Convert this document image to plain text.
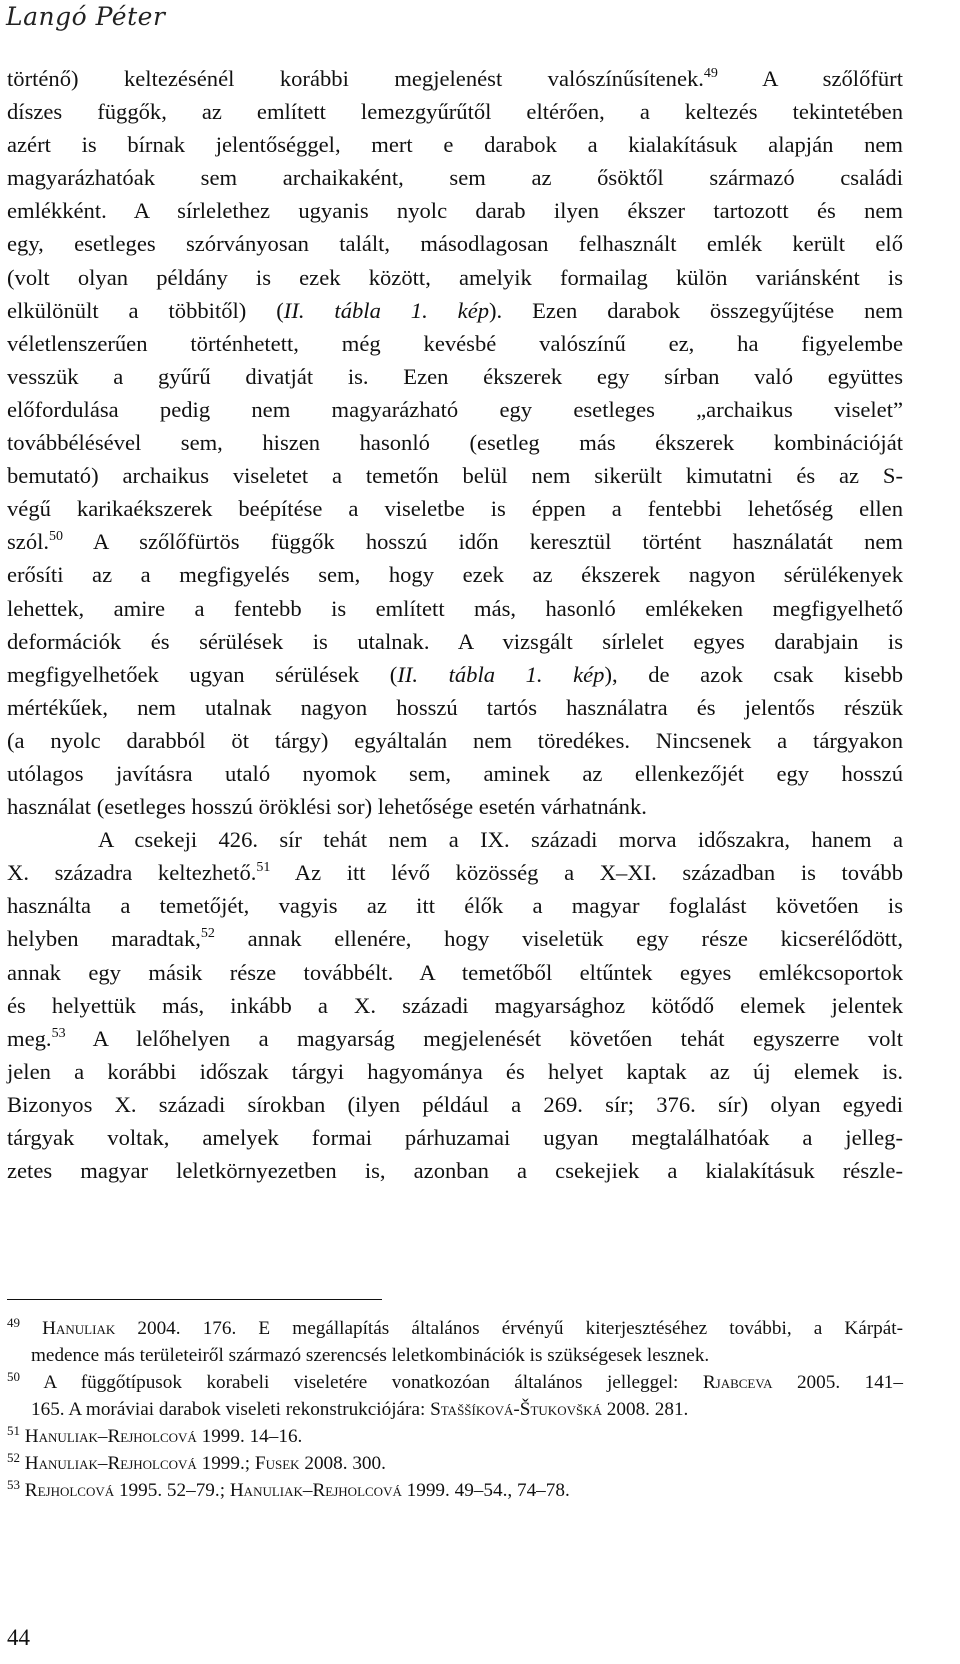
Langó Péter
történő) keltezésénél korábbi megjelenést valószínűsítenek.$^{49}$ A szőlőfürt
díszes függők, az említett lemezgyűrűtől eltérően, a keltezés tekintetében
azért is bírnak jelentőséggel, mert e darabok a kialakításuk alapján nem
magyarázhatóak sem archaikaként, sem az ősöktől származó családi
emlékként. A sírlelethez ugyanis nyolc darab ilyen ékszer tartozott és nem
egy, esetleges szórványosan talált, másodlagosan felhasznált emlék került elő
(volt olyan példány is ezek között, amelyik formailag külön variánsként is
elkülönült a többitől) (II. tábla 1. kép). Ezen darabok összegyűjtése nem
véletlenszerűen történhetett, még kevésbé valószínű ez, ha figyelembe
vesszük a gyűrű divatját is. Ezen ékszerek egy sírban való együttes
előfordulása pedig nem magyarázható egy esetleges „archaikus viselet”
továbbélésével sem, hiszen hasonló (esetleg más ékszerek kombinációját
bemutató) archaikus viseletet a temetőn belül nem sikerült kimutatni és az S-
végű karikaékszerek beépítése a viseletbe is éppen a fentebbi lehetőség ellen
szól.$^{50}$ A szőlőfürtös függők hosszú időn keresztül történt használatát nem
erősíti az a megfigyelés sem, hogy ezek az ékszerek nagyon sérülékenyek
lehettek, amire a fentebb is említett más, hasonló emlékeken megfigyelhető
deformációk és sérülések is utalnak. A vizsgált sírlelet egyes darabjain is
megfigyelhetőek ugyan sérülések (II. tábla 1. kép), de azok csak kisebb
mértékűek, nem utalnak nagyon hosszú tartós használatra és jelentős részük
(a nyolc darabból öt tárgy) egyáltalán nem töredékes. Nincsenek a tárgyakon
utólagos javításra utaló nyomok sem, aminek az ellenkezőjét egy hosszú
használat (esetleges hosszú öröklési sor) lehetősége esetén várhatnánk.
A csekeji 426. sír tehát nem a IX. századi morva időszakra, hanem a
X. századra keltezhető.$^{51}$ Az itt lévő közösség a X–XI. században is tovább
használta a temetőjét, vagyis az itt élők a magyar foglalást követően is
helyben maradtak,$^{52}$ annak ellenére, hogy viseletük egy része kicserélődött,
annak egy másik része továbbélt. A temetőből eltűntek egyes emlékcsoportok
és helyettük más, inkább a X. századi magyarsághoz kötődő elemek jelentek
meg.$^{53}$ A lelőhelyen a magyarság megjelenését követően tehát egyszerre volt
jelen a korábbi időszak tárgyi hagyománya és helyet kaptak az új elemek is.
Bizonyos X. századi sírokban (ilyen például a 269. sír; 376. sír) olyan egyedi
tárgyak voltak, amelyek formai párhuzamai ugyan megtalálhatóak a jelleg-
zetes magyar leletkörnyezetben is, azonban a csekejiek a kialakításuk részle-
$^{49}$ Hanuliak 2004. 176. E megállapítás általános érvényű kiterjesztéséhez további, a Kárpát-
medence más területeiről származó szerencsés leletkombinációk is szükségesek lesznek.
$^{50}$ A függőtípusok korabeli viseletére vonatkozóan általános jelleggel: Rjabceva 2005. 141–
165. A moráviai darabok viseleti rekonstrukciójára: Staššíková-Štukovšká 2008. 281.
$^{51}$ Hanuliak–Rejholcová 1999. 14–16.
$^{52}$ Hanuliak–Rejholcová 1999.; Fusek 2008. 300.
$^{53}$ Rejholcová 1995. 52–79.; Hanuliak–Rejholcová 1999. 49–54., 74–78.
44
